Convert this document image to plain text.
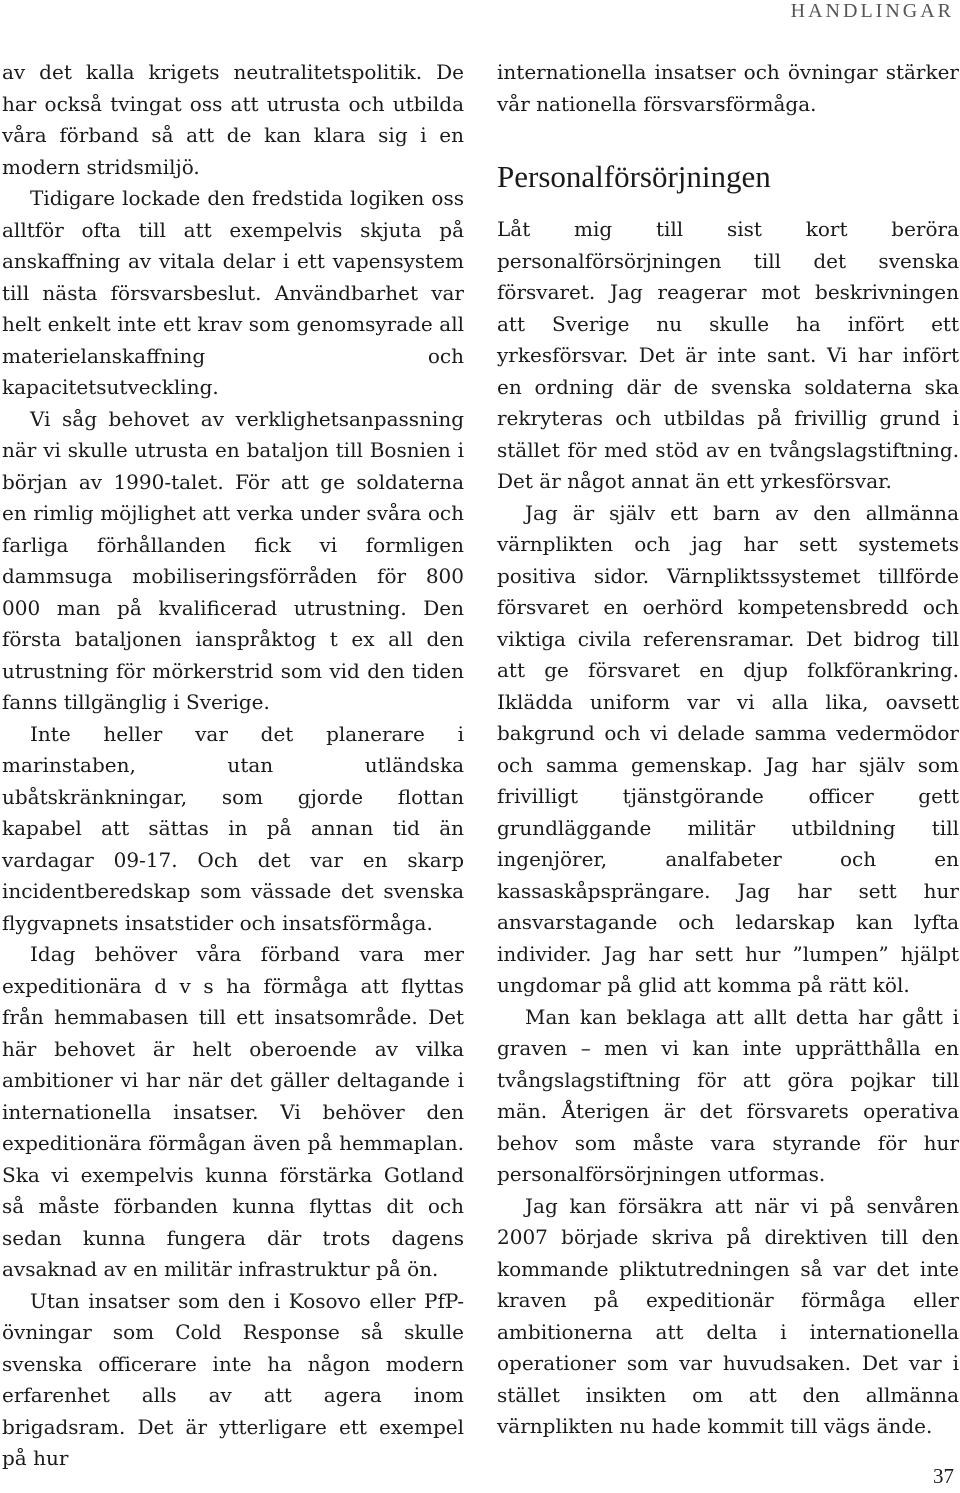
HANDLINGAR

av det kalla krigets neutralitetspolitik. De har också tvingat oss att utrusta och utbilda våra förband så att de kan klara sig i en modern stridsmiljö.

Tidigare lockade den fredstida logiken oss alltför ofta till att exempelvis skjuta på anskaffning av vitala delar i ett vapensystem till nästa försvarsbeslut. Användbarhet var helt enkelt inte ett krav som genomsyrade all materielanskaffning och kapacitetsutveckling.

Vi såg behovet av verklighetsanpassning när vi skulle utrusta en bataljon till Bosnien i början av 1990-talet. För att ge soldaterna en rimlig möjlighet att verka under svåra och farliga förhållanden fick vi formligen dammsuga mobiliseringsförråden för 800 000 man på kvalificerad utrustning. Den första bataljonen ianspråktog t ex all den utrustning för mörkerstrid som vid den tiden fanns tillgänglig i Sverige.

Inte heller var det planerare i marinstaben, utan utländska ubåtskränkningar, som gjorde flottan kapabel att sättas in på annan tid än vardagar 09-17. Och det var en skarp incidentberedskap som vässade det svenska flygvapnets insatstider och insatsförmåga.

Idag behöver våra förband vara mer expeditionära d v s ha förmåga att flyttas från hemmabasen till ett insatsområde. Det här behovet är helt oberoende av vilka ambitioner vi har när det gäller deltagande i internationella insatser. Vi behöver den expeditionära förmågan även på hemmaplan. Ska vi exempelvis kunna förstärka Gotland så måste förbanden kunna flyttas dit och sedan kunna fungera där trots dagens avsaknad av en militär infrastruktur på ön.

Utan insatser som den i Kosovo eller PfP-övningar som Cold Response så skulle svenska officerare inte ha någon modern erfarenhet alls av att agera inom brigadsram. Det är ytterligare ett exempel på hur

internationella insatser och övningar stärker vår nationella försvarsförmåga.

Personalförsörjningen

Låt mig till sist kort beröra personalförsörjningen till det svenska försvaret. Jag reagerar mot beskrivningen att Sverige nu skulle ha infört ett yrkesförsvar. Det är inte sant. Vi har infört en ordning där de svenska soldaterna ska rekryteras och utbildas på frivillig grund i stället för med stöd av en tvångslagstiftning. Det är något annat än ett yrkesförsvar.

Jag är själv ett barn av den allmänna värnplikten och jag har sett systemets positiva sidor. Värnpliktssystemet tillförde försvaret en oerhörd kompetensbredd och viktiga civila referensramar. Det bidrog till att ge försvaret en djup folkförankring. Iklädda uniform var vi alla lika, oavsett bakgrund och vi delade samma vedermödor och samma gemenskap. Jag har själv som frivilligt tjänstgörande officer gett grundläggande militär utbildning till ingenjörer, analfabeter och en kassaskåpsprängare. Jag har sett hur ansvarstagande och ledarskap kan lyfta individer. Jag har sett hur ”lumpen” hjälpt ungdomar på glid att komma på rätt köl.

Man kan beklaga att allt detta har gått i graven – men vi kan inte upprätthålla en tvångslagstiftning för att göra pojkar till män. Återigen är det försvarets operativa behov som måste vara styrande för hur personalförsörjningen utformas.

Jag kan försäkra att när vi på senvåren 2007 började skriva på direktiven till den kommande pliktutredningen så var det inte kraven på expeditionär förmåga eller ambitionerna att delta i internationella operationer som var huvudsaken. Det var i stället insikten om att den allmänna värnplikten nu hade kommit till vägs ände.

37
